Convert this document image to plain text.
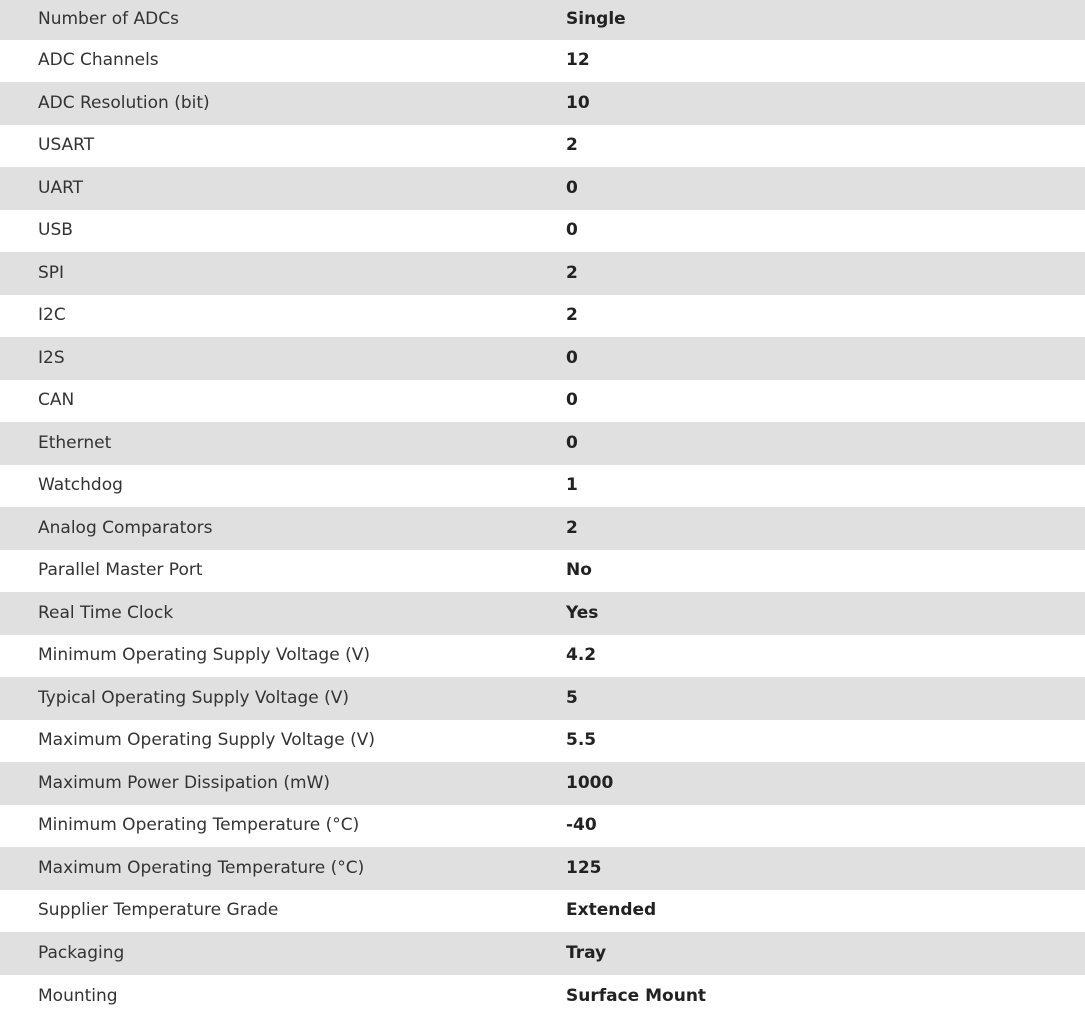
Number of ADCs	Single
ADC Channels	12
ADC Resolution (bit)	10
USART	2
UART	0
USB	0
SPI	2
I2C	2
I2S	0
CAN	0
Ethernet	0
Watchdog	1
Analog Comparators	2
Parallel Master Port	No
Real Time Clock	Yes
Minimum Operating Supply Voltage (V)	4.2
Typical Operating Supply Voltage (V)	5
Maximum Operating Supply Voltage (V)	5.5
Maximum Power Dissipation (mW)	1000
Minimum Operating Temperature (°C)	-40
Maximum Operating Temperature (°C)	125
Supplier Temperature Grade	Extended
Packaging	Tray
Mounting	Surface Mount
